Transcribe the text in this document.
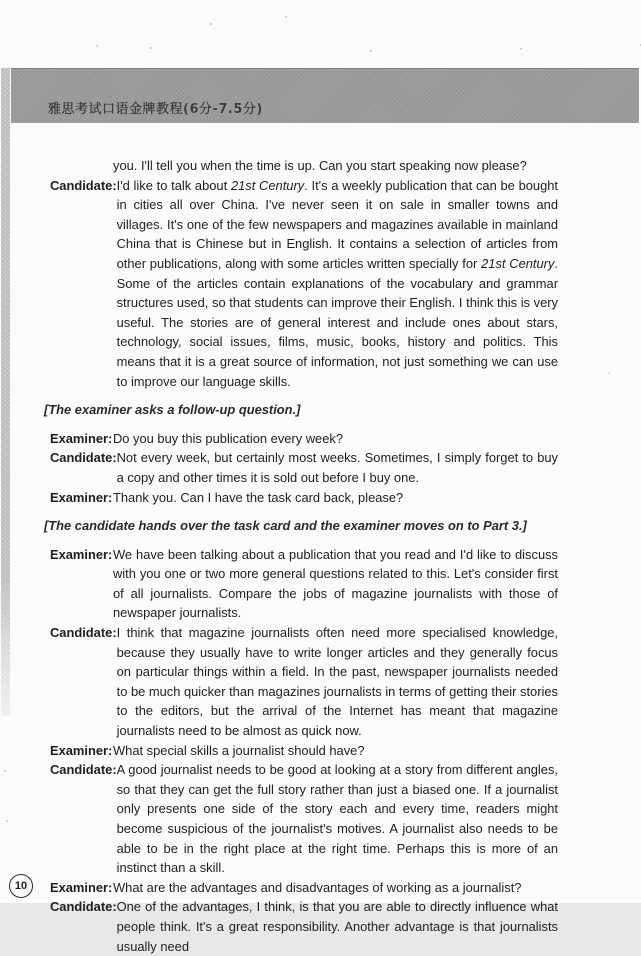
雅思考试口语金牌教程(6分-7.5分)

you. I'll tell you when the time is up. Can you start speaking now please?

Candidate: I'd like to talk about 21st Century. It's a weekly publication that can be bought in cities all over China. I've never seen it on sale in smaller towns and villages. It's one of the few newspapers and magazines available in mainland China that is Chinese but in English. It contains a selection of articles from other publications, along with some articles written specially for 21st Century. Some of the articles contain explanations of the vocabulary and grammar structures used, so that students can improve their English. I think this is very useful. The stories are of general interest and include ones about stars, technology, social issues, films, music, books, history and politics. This means that it is a great source of information, not just something we can use to improve our language skills.

[The examiner asks a follow-up question.]

Examiner: Do you buy this publication every week?

Candidate: Not every week, but certainly most weeks. Sometimes, I simply forget to buy a copy and other times it is sold out before I buy one.

Examiner: Thank you. Can I have the task card back, please?

[The candidate hands over the task card and the examiner moves on to Part 3.]

Examiner: We have been talking about a publication that you read and I'd like to discuss with you one or two more general questions related to this. Let's consider first of all journalists. Compare the jobs of magazine journalists with those of newspaper journalists.

Candidate: I think that magazine journalists often need more specialised knowledge, because they usually have to write longer articles and they generally focus on particular things within a field. In the past, newspaper journalists needed to be much quicker than magazines journalists in terms of getting their stories to the editors, but the arrival of the Internet has meant that magazine journalists need to be almost as quick now.

Examiner: What special skills a journalist should have?

Candidate: A good journalist needs to be good at looking at a story from different angles, so that they can get the full story rather than just a biased one. If a journalist only presents one side of the story each and every time, readers might become suspicious of the journalist's motives. A journalist also needs to be able to be in the right place at the right time. Perhaps this is more of an instinct than a skill.

Examiner: What are the advantages and disadvantages of working as a journalist?

Candidate: One of the advantages, I think, is that you are able to directly influence what people think. It's a great responsibility. Another advantage is that journalists usually need

10
